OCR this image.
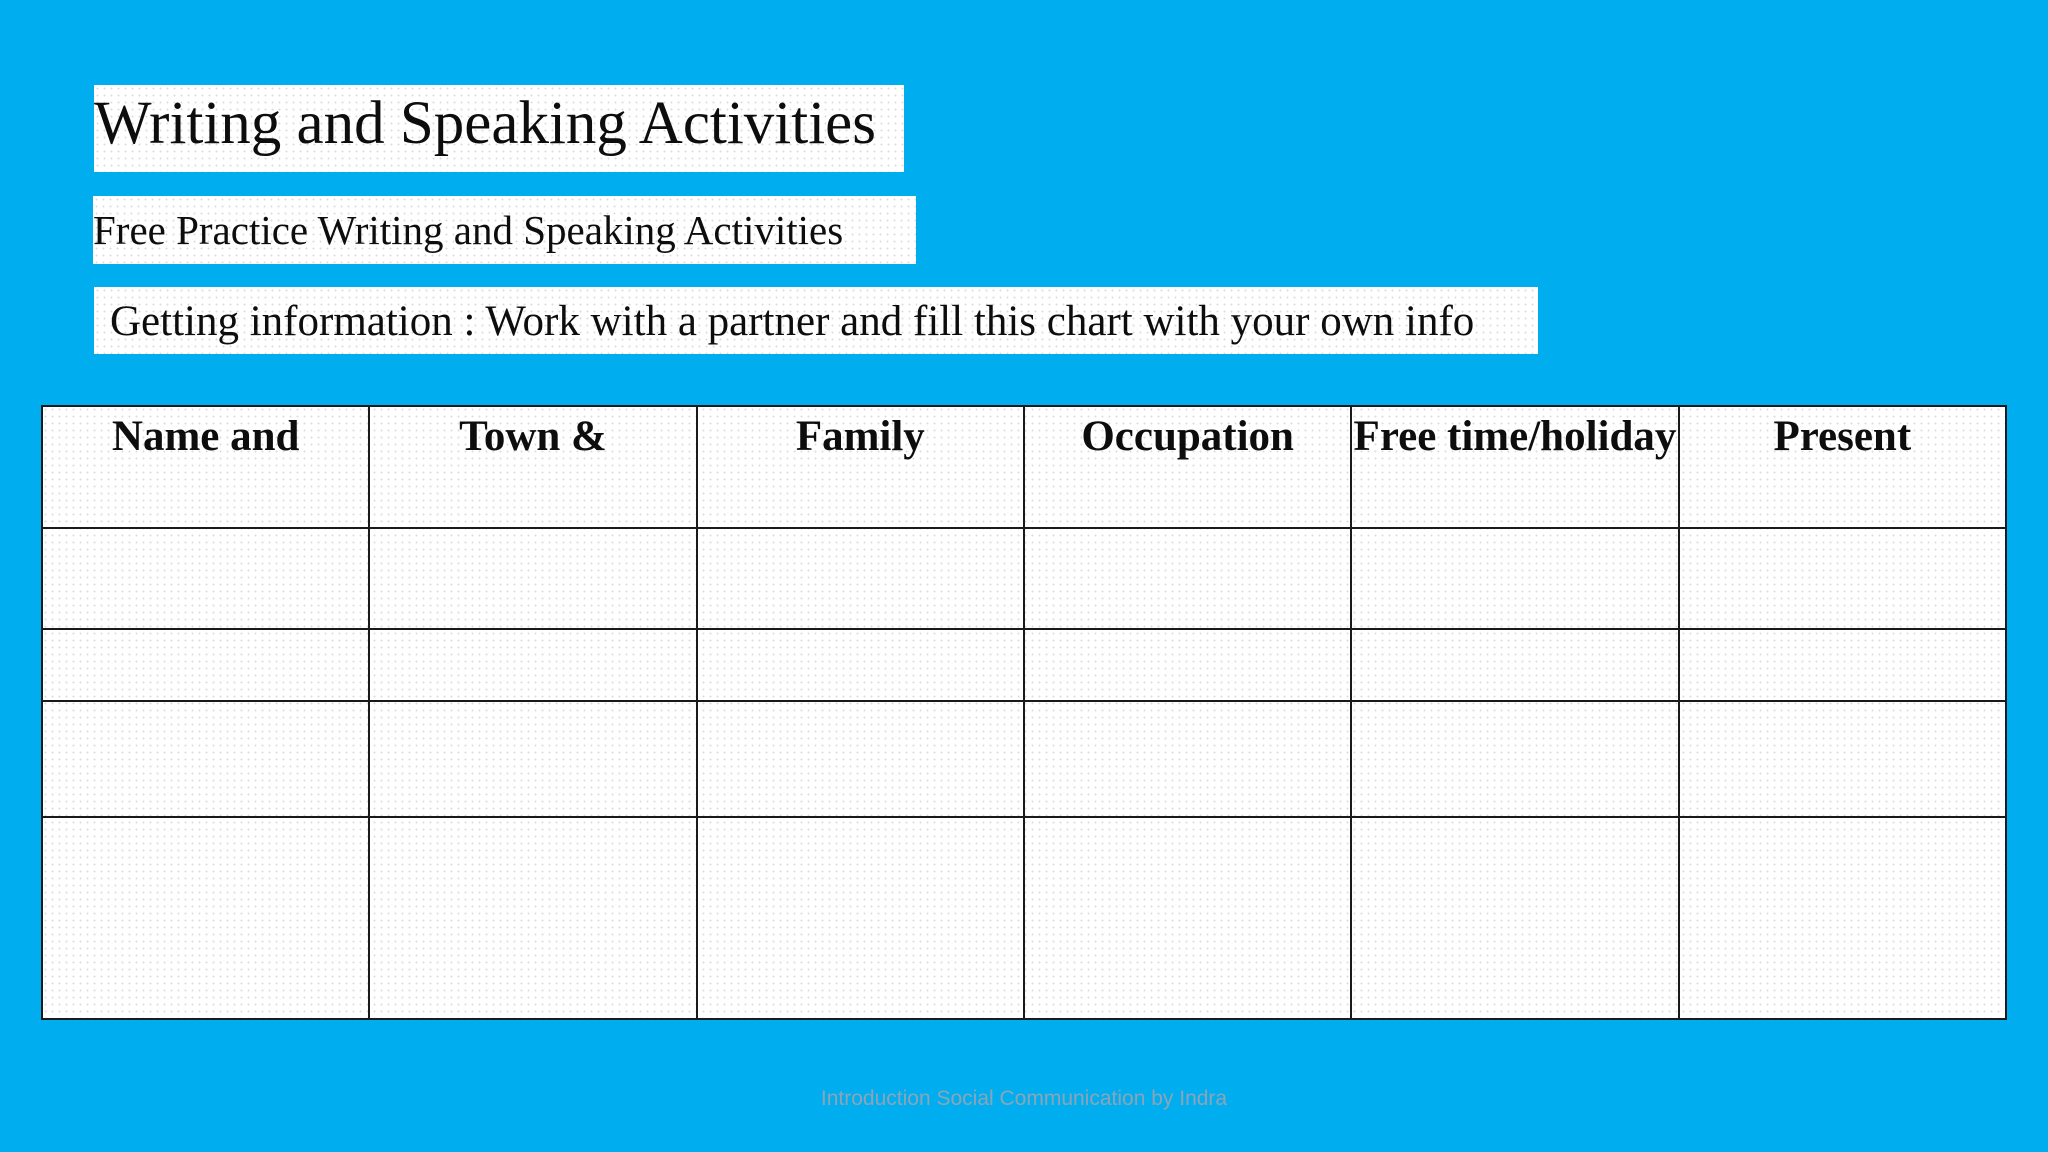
Writing and Speaking Activities
Free Practice Writing and Speaking Activities
Getting information : Work with a partner and fill this chart with your own info
Name and	Town &	Family	Occupation	Free time/holiday	Present

Introduction Social Communication by Indra
